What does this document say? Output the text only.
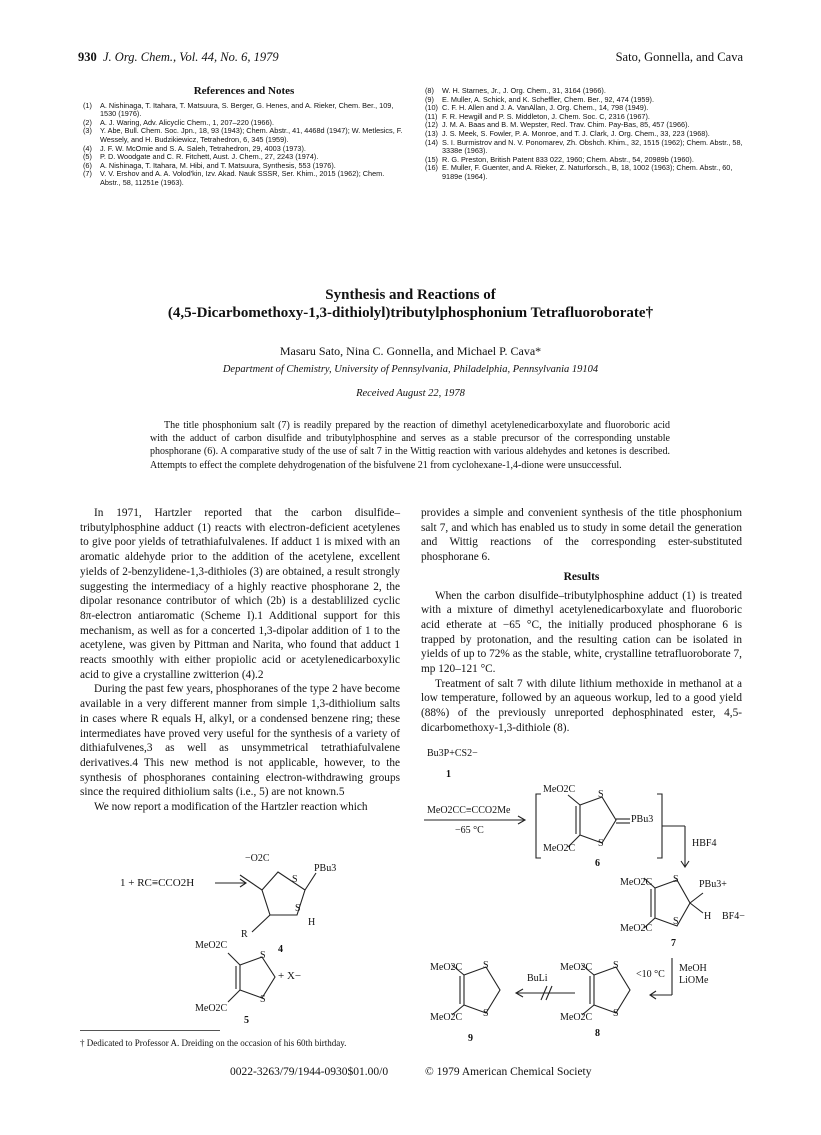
930 J. Org. Chem., Vol. 44, No. 6, 1979	Sato, Gonnella, and Cava
References and Notes
(1)	A. Nishinaga, T. Itahara, T. Matsuura, S. Berger, G. Henes, and A. Rieker, Chem. Ber., 109, 1530 (1976).
(2)	A. J. Waring, Adv. Alicyclic Chem., 1, 207–220 (1966).
(3)	Y. Abe, Bull. Chem. Soc. Jpn., 18, 93 (1943); Chem. Abstr., 41, 4468d (1947); W. Metlesics, F. Wessely, and H. Budzikiewicz, Tetrahedron, 6, 345 (1959).
(4)	J. F. W. McOmie and S. A. Saleh, Tetrahedron, 29, 4003 (1973).
(5)	P. D. Woodgate and C. R. Fitchett, Aust. J. Chem., 27, 2243 (1974).
(6)	A. Nishinaga, T. Itahara, M. Hibi, and T. Matsuura, Synthesis, 553 (1976).
(7)	V. V. Ershov and A. A. Volod'kin, Izv. Akad. Nauk SSSR, Ser. Khim., 2015 (1962); Chem. Abstr., 58, 11251e (1963).
(8)	W. H. Starnes, Jr., J. Org. Chem., 31, 3164 (1966).
(9)	E. Muller, A. Schick, and K. Scheffler, Chem. Ber., 92, 474 (1959).
(10) C. F. H. Allen and J. A. VanAllan, J. Org. Chem., 14, 798 (1949).
(11) F. R. Hewgill and P. S. Middleton, J. Chem. Soc. C, 2316 (1967).
(12) J. M. A. Baas and B. M. Wepster, Recl. Trav. Chim. Pay-Bas, 85, 457 (1966).
(13) J. S. Meek, S. Fowler, P. A. Monroe, and T. J. Clark, J. Org. Chem., 33, 223 (1968).
(14) S. I. Burmistrov and N. V. Ponomarev, Zh. Obshch. Khim., 32, 1515 (1962); Chem. Abstr., 58, 3338e (1963).
(15) R. G. Preston, British Patent 833 022, 1960; Chem. Abstr., 54, 20989b (1960).
(16) E. Muller, F. Guenter, and A. Rieker, Z. Naturforsch., B, 18, 1002 (1963); Chem. Abstr., 60, 9189e (1964).
Synthesis and Reactions of
(4,5-Dicarbomethoxy-1,3-dithiolyl)tributylphosphonium Tetrafluoroborate†
Masaru Sato, Nina C. Gonnella, and Michael P. Cava*
Department of Chemistry, University of Pennsylvania, Philadelphia, Pennsylvania 19104
Received August 22, 1978
The title phosphonium salt (7) is readily prepared by the reaction of dimethyl acetylenedicarboxylate and fluoroboric acid with the adduct of carbon disulfide and tributylphosphine and serves as a stable precursor of the corresponding unstable phosphorane (6). A comparative study of the use of salt 7 in the Wittig reaction with various aldehydes and ketones is described. Attempts to effect the complete dehydrogenation of the bisfulvene 21 from cyclohexane-1,4-dione were unsuccessful.

In 1971, Hartzler reported that the carbon disulfide–tributylphosphine adduct (1) reacts with electron-deficient acetylenes to give poor yields of tetrathiafulvalenes. If adduct 1 is mixed with an aromatic aldehyde prior to the addition of the acetylene, excellent yields of 2-benzylidene-1,3-dithioles (3) are obtained, a result strongly suggesting the intermediacy of a highly reactive phosphorane 2, the dipolar resonance contributor of which (2b) is a destablilized cyclic 8π-electron antiaromatic (Scheme I).1 Additional support for this mechanism, as well as for a concerted 1,3-dipolar addition of 1 to the acetylene, was given by Pittman and Narita, who found that adduct 1 reacts smoothly with either propiolic acid or acetylenedicarboxylic acid to give a crystalline zwitterion (4).2

During the past few years, phosphoranes of the type 2 have become available in a very different manner from simple 1,3-dithiolium salts in cases where R equals H, alkyl, or a condensed benzene ring; these intermediates have proved very useful for the synthesis of a variety of dithiafulvenes,3 as well as unsymmetrical tetrathiafulvalene derivatives.4 This new method is not applicable, however, to the synthesis of phosphoranes containing electron-withdrawing groups since the required dithiolium salts (i.e., 5) are not known.5

We now report a modification of the Hartzler reaction which

provides a simple and convenient synthesis of the title phosphonium salt 7, and which has enabled us to study in some detail the generation and Wittig reactions of the corresponding ester-substituted phosphorane 6.

Results

When the carbon disulfide–tributylphosphine adduct (1) is treated with a mixture of dimethyl acetylenedicarboxylate and fluoroboric acid etherate at −65 °C, the initially produced phosphorane 6 is trapped by protonation, and the resulting cation can be isolated in yields of up to 72% as the stable, white, crystalline tetrafluoroborate 7, mp 120–121 °C.

Treatment of salt 7 with dilute lithium methoxide in methanol at a low temperature, followed by an aqueous workup, led to a good yield (88%) of the previously unreported dephosphinated ester, 4,5-dicarbomethoxy-1,3-dithiole (8).

−O2C
PBu3
S
S
H
R
1 + RC≡CCO2H
4
MeO2C
MeO2C
S
S
+ X−
5
Bu3P+CS2−
1
MeO2CC≡CCO2Me
−65 °C
MeO2C
MeO2C
S
S
PBu3
6
HBF4
MeO2C
MeO2C
S
S
PBu3+
H BF4−
7
<10 °C
MeOH
LiOMe
MeO2C
MeO2C
S
S
8
BuLi
MeO2C
MeO2C
S
S
9
† Dedicated to Professor A. Dreiding on the occasion of his 60th birthday.
0022-3263/79/1944-0930$01.00/0	© 1979 American Chemical Society
